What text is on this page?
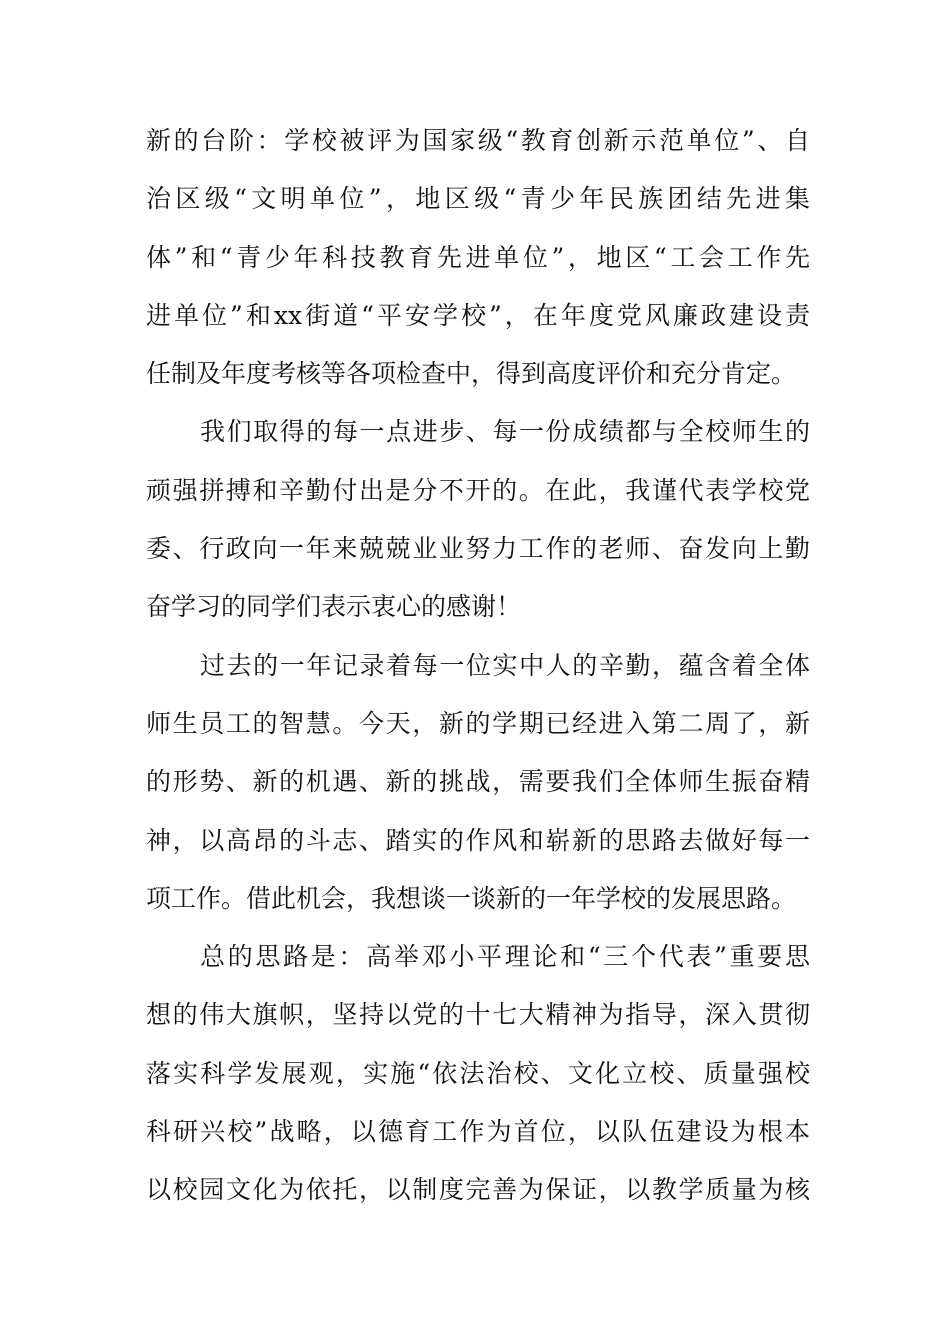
新的台阶：学校被评为国家级“教育创新示范单位”、自
治区级“文明单位”，地区级“青少年民族团结先进集
体”和“青少年科技教育先进单位”，地区“工会工作先
进单位”和xx街道“平安学校”，在年度党风廉政建设责
任制及年度考核等各项检查中，得到高度评价和充分肯定。
我们取得的每一点进步、每一份成绩都与全校师生的
顽强拼搏和辛勤付出是分不开的。在此，我谨代表学校党
委、行政向一年来兢兢业业努力工作的老师、奋发向上勤
奋学习的同学们表示衷心的感谢！
过去的一年记录着每一位实中人的辛勤，蕴含着全体
师生员工的智慧。今天，新的学期已经进入第二周了，新
的形势、新的机遇、新的挑战，需要我们全体师生振奋精
神，以高昂的斗志、踏实的作风和崭新的思路去做好每一
项工作。借此机会，我想谈一谈新的一年学校的发展思路。
总的思路是：高举邓小平理论和“三个代表”重要思
想的伟大旗帜，坚持以党的十七大精神为指导，深入贯彻
落实科学发展观，实施“依法治校、文化立校、质量强校
科研兴校”战略，以德育工作为首位，以队伍建设为根本
以校园文化为依托，以制度完善为保证，以教学质量为核
